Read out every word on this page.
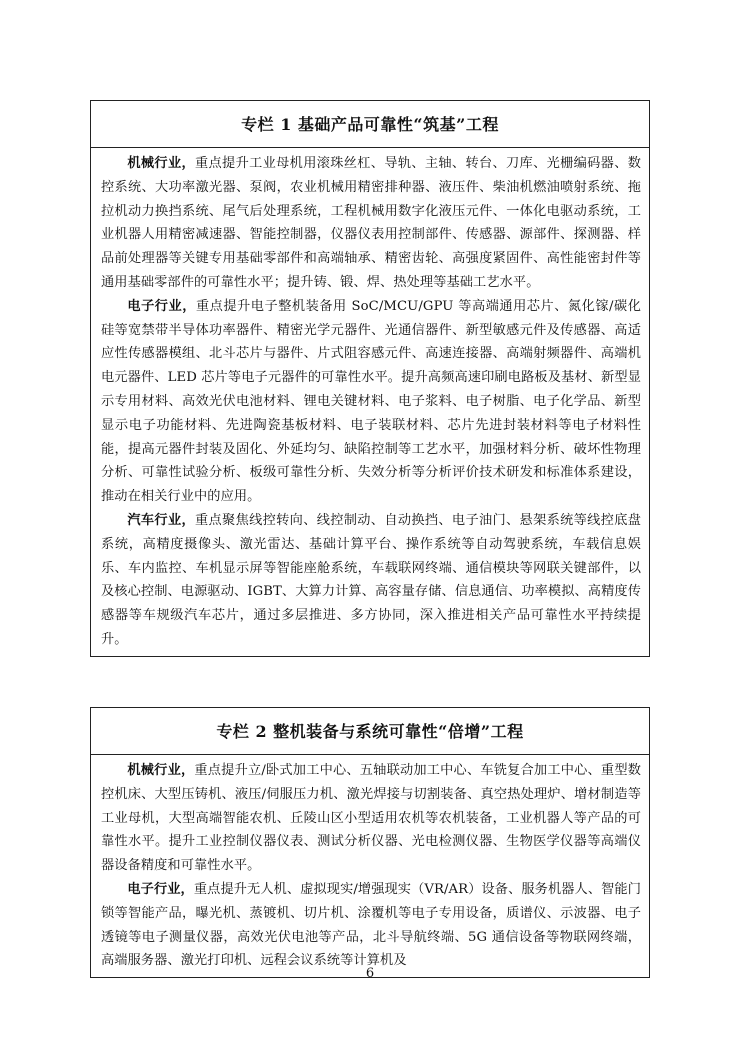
专栏 1 基础产品可靠性“筑基”工程

机械行业，重点提升工业母机用滚珠丝杠、导轨、主轴、转台、刀库、光栅编码器、数控系统、大功率激光器、泵阀，农业机械用精密排种器、液压件、柴油机燃油喷射系统、拖拉机动力换挡系统、尾气后处理系统，工程机械用数字化液压元件、一体化电驱动系统，工业机器人用精密减速器、智能控制器，仪器仪表用控制部件、传感器、源部件、探测器、样品前处理器等关键专用基础零部件和高端轴承、精密齿轮、高强度紧固件、高性能密封件等通用基础零部件的可靠性水平；提升铸、锻、焊、热处理等基础工艺水平。

电子行业，重点提升电子整机装备用 SoC/MCU/GPU 等高端通用芯片、氮化镓/碳化硅等宽禁带半导体功率器件、精密光学元器件、光通信器件、新型敏感元件及传感器、高适应性传感器模组、北斗芯片与器件、片式阻容感元件、高速连接器、高端射频器件、高端机电元器件、LED 芯片等电子元器件的可靠性水平。提升高频高速印刷电路板及基材、新型显示专用材料、高效光伏电池材料、锂电关键材料、电子浆料、电子树脂、电子化学品、新型显示电子功能材料、先进陶瓷基板材料、电子装联材料、芯片先进封装材料等电子材料性能，提高元器件封装及固化、外延均匀、缺陷控制等工艺水平，加强材料分析、破坏性物理分析、可靠性试验分析、板级可靠性分析、失效分析等分析评价技术研发和标准体系建设，推动在相关行业中的应用。

汽车行业，重点聚焦线控转向、线控制动、自动换挡、电子油门、悬架系统等线控底盘系统，高精度摄像头、激光雷达、基础计算平台、操作系统等自动驾驶系统，车载信息娱乐、车内监控、车机显示屏等智能座舱系统，车载联网终端、通信模块等网联关键部件，以及核心控制、电源驱动、IGBT、大算力计算、高容量存储、信息通信、功率模拟、高精度传感器等车规级汽车芯片，通过多层推进、多方协同，深入推进相关产品可靠性水平持续提升。

专栏 2 整机装备与系统可靠性“倍增”工程

机械行业，重点提升立/卧式加工中心、五轴联动加工中心、车铣复合加工中心、重型数控机床、大型压铸机、液压/伺服压力机、激光焊接与切割装备、真空热处理炉、增材制造等工业母机，大型高端智能农机、丘陵山区小型适用农机等农机装备，工业机器人等产品的可靠性水平。提升工业控制仪器仪表、测试分析仪器、光电检测仪器、生物医学仪器等高端仪器设备精度和可靠性水平。

电子行业，重点提升无人机、虚拟现实/增强现实（VR/AR）设备、服务机器人、智能门锁等智能产品，曝光机、蒸镀机、切片机、涂覆机等电子专用设备，质谱仪、示波器、电子透镜等电子测量仪器，高效光伏电池等产品，北斗导航终端、5G 通信设备等物联网终端，高端服务器、激光打印机、远程会议系统等计算机及

6
